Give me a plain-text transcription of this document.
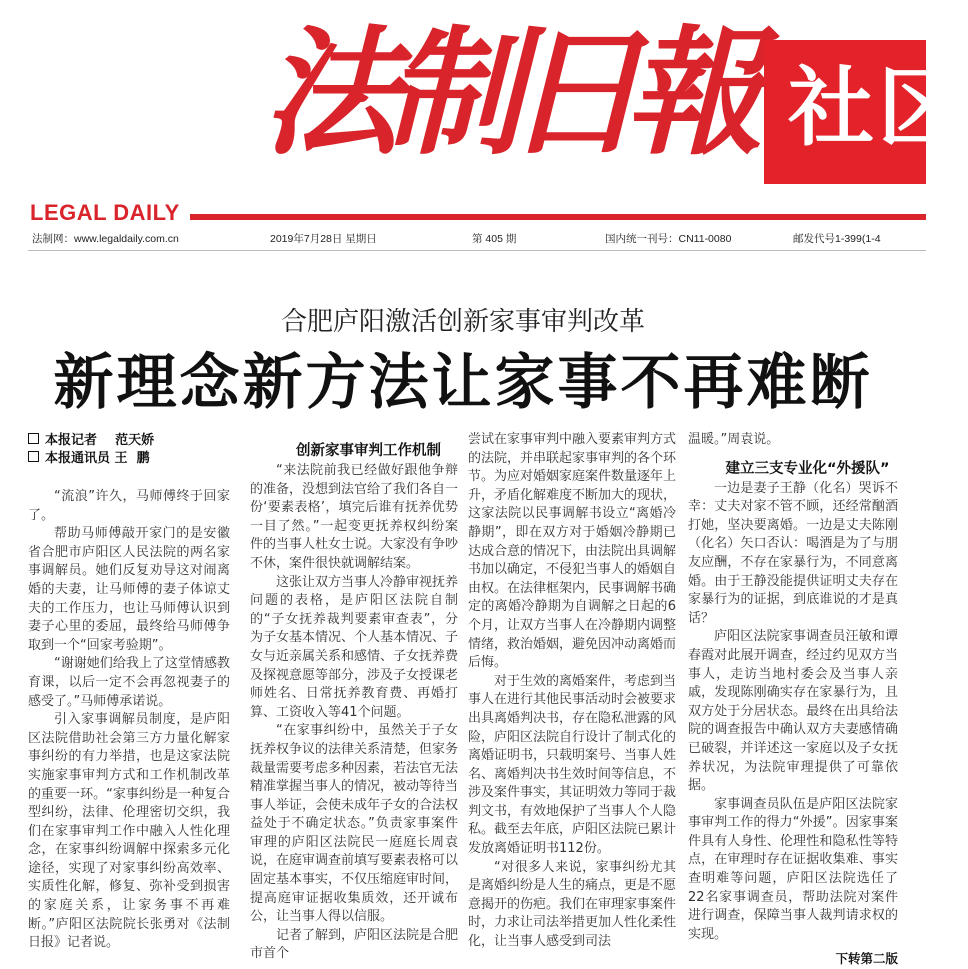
法
制
日
報 社区
LEGAL DAILY
法制网：www.legaldaily.com.cn	2019年7月28日 星期日	第 405 期	国内统一刊号：CN11-0080	邮发代号1-399(1-4
合肥庐阳激活创新家事审判改革
新理念新方法让家事不再难断
本报记者    范天娇
本报通讯员 王  鹏

“流浪”许久，马师傅终于回家了。

帮助马师傅敲开家门的是安徽省合肥市庐阳区人民法院的两名家事调解员。她们反复劝导这对闹离婚的夫妻，让马师傅的妻子体谅丈夫的工作压力，也让马师傅认识到妻子心里的委屈，最终给马师傅争取到一个“回家考验期”。

“谢谢她们给我上了这堂情感教育课，以后一定不会再忽视妻子的感受了。”马师傅承诺说。

引入家事调解员制度，是庐阳区法院借助社会第三方力量化解家事纠纷的有力举措，也是这家法院实施家事审判方式和工作机制改革的重要一环。“家事纠纷是一种复合型纠纷，法律、伦理密切交织，我们在家事审判工作中融入人性化理念，在家事纠纷调解中探索多元化途径，实现了对家事纠纷高效率、实质性化解，修复、弥补受到损害的家庭关系，让家务事不再难断。”庐阳区法院院长张勇对《法制日报》记者说。

创新家事审判工作机制

“来法院前我已经做好跟他争辩的准备，没想到法官给了我们各自一份‘要素表格’，填完后谁有抚养优势一目了然。”一起变更抚养权纠纷案件的当事人杜女士说。大家没有争吵不休，案件很快就调解结案。

这张让双方当事人冷静审视抚养问题的表格，是庐阳区法院自制的“子女抚养裁判要素审查表”，分为子女基本情况、个人基本情况、子女与近亲属关系和感情、子女抚养费及探视意愿等部分，涉及子女授课老师姓名、日常抚养教育费、再婚打算、工资收入等41个问题。

“在家事纠纷中，虽然关于子女抚养权争议的法律关系清楚，但家务裁量需要考虑多种因素，若法官无法精准掌握当事人的情况，被动等待当事人举证，会使未成年子女的合法权益处于不确定状态。”负责家事案件审理的庐阳区法院民一庭庭长周袁说，在庭审调查前填写要素表格可以固定基本事实，不仅压缩庭审时间，提高庭审证据收集质效，还开诚布公，让当事人得以信服。

记者了解到，庐阳区法院是合肥市首个

尝试在家事审判中融入要素审判方式的法院，并串联起家事审判的各个环节。为应对婚姻家庭案件数量逐年上升，矛盾化解难度不断加大的现状，这家法院以民事调解书设立“离婚冷静期”，即在双方对于婚姻冷静期已达成合意的情况下，由法院出具调解书加以确定，不侵犯当事人的婚姻自由权。在法律框架内，民事调解书确定的离婚冷静期为自调解之日起的6个月，让双方当事人在冷静期内调整情绪，救治婚姻，避免因冲动离婚而后悔。

对于生效的离婚案件，考虑到当事人在进行其他民事活动时会被要求出具离婚判决书，存在隐私泄露的风险，庐阳区法院自行设计了制式化的离婚证明书，只载明案号、当事人姓名、离婚判决书生效时间等信息，不涉及案件事实，其证明效力等同于裁判文书，有效地保护了当事人个人隐私。截至去年底，庐阳区法院已累计发放离婚证明书112份。

“对很多人来说，家事纠纷尤其是离婚纠纷是人生的痛点，更是不愿意揭开的伤疤。我们在审理家事案件时，力求让司法举措更加人性化柔性化，让当事人感受到司法

温暖。”周袁说。

建立三支专业化“外援队”

一边是妻子王静（化名）哭诉不幸：丈夫对家不管不顾，还经常酗酒打她，坚决要离婚。一边是丈夫陈刚（化名）矢口否认：喝酒是为了与朋友应酬，不存在家暴行为，不同意离婚。由于王静没能提供证明丈夫存在家暴行为的证据，到底谁说的才是真话？

庐阳区法院家事调查员汪敏和谭春霞对此展开调查，经过约见双方当事人，走访当地村委会及当事人亲戚，发现陈刚确实存在家暴行为，且双方处于分居状态。最终在出具给法院的调查报告中确认双方夫妻感情确已破裂，并详述这一家庭以及子女抚养状况，为法院审理提供了可靠依据。

家事调查员队伍是庐阳区法院家事审判工作的得力“外援”。因家事案件具有人身性、伦理性和隐私性等特点，在审理时存在证据收集难、事实查明难等问题，庐阳区法院选任了22名家事调查员，帮助法院对案件进行调查，保障当事人裁判请求权的实现。

下转第二版
